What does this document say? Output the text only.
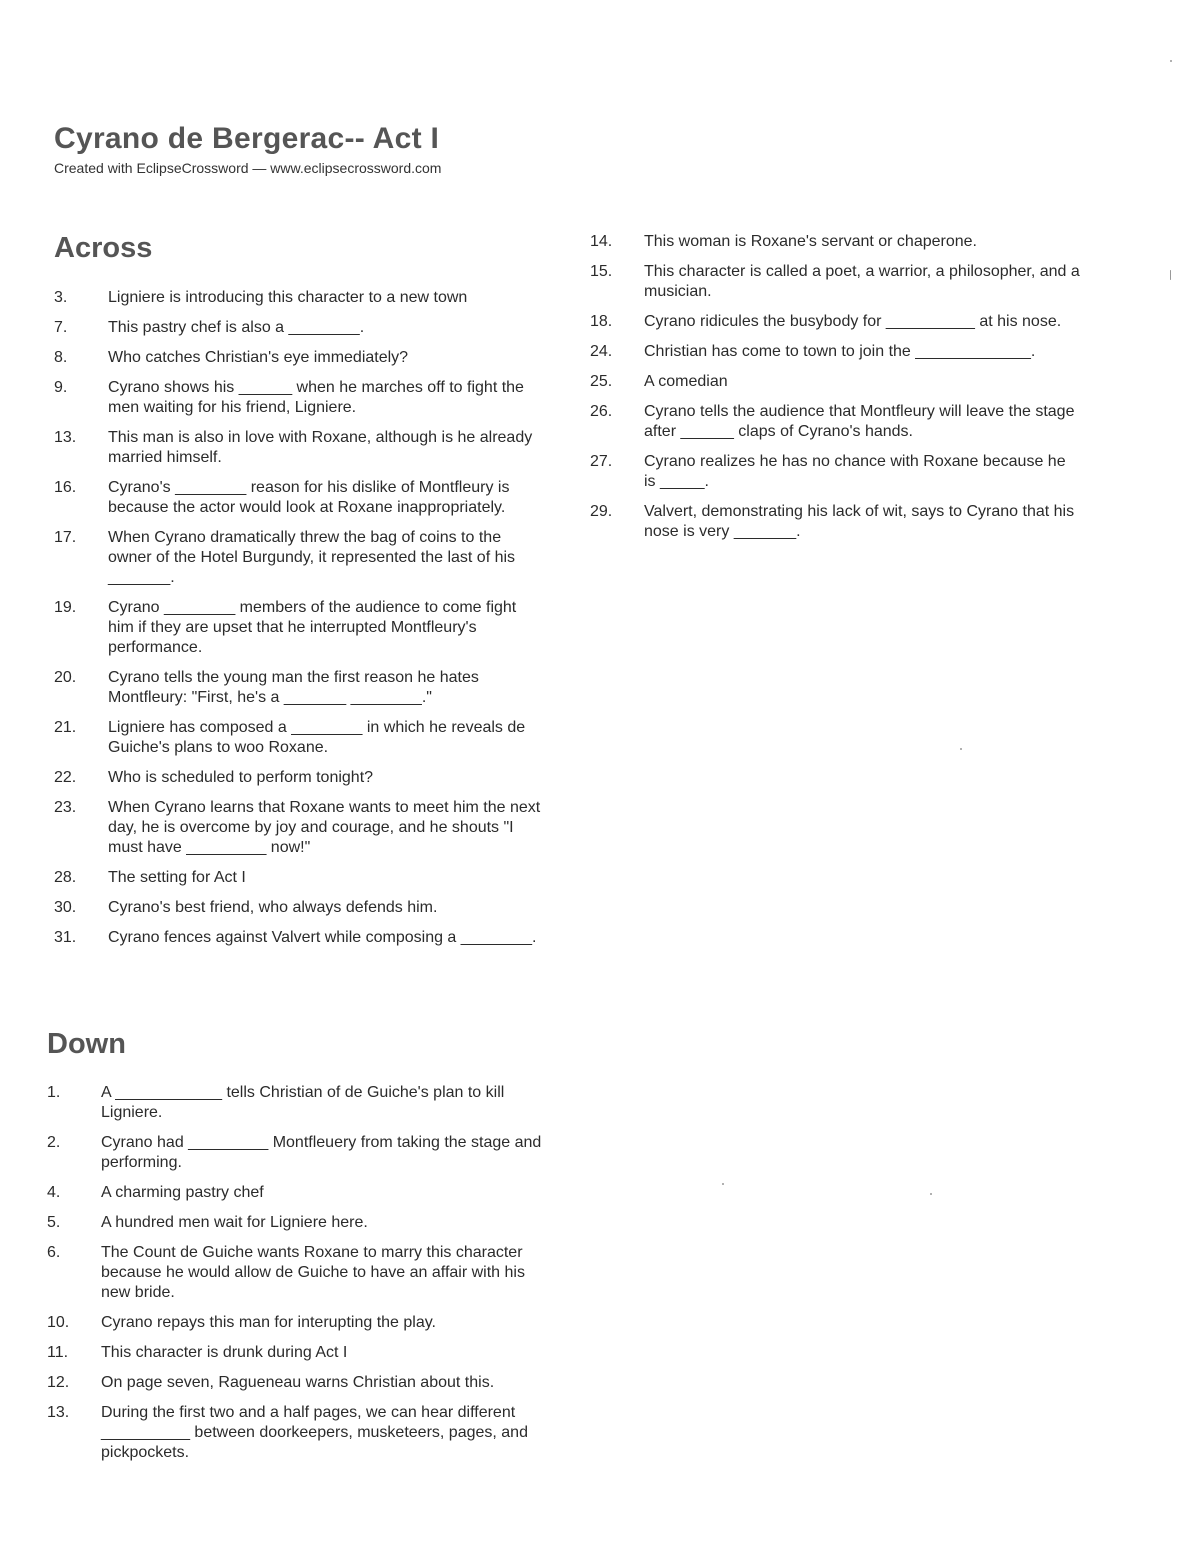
Cyrano de Bergerac-- Act I

Created with EclipseCrossword — www.eclipsecrossword.com

Across
3.	Ligniere is introducing this character to a new town
7.	This pastry chef is also a ________.
8.	Who catches Christian's eye immediately?
9.	Cyrano shows his ______ when he marches off to fight the men waiting for his friend, Ligniere.
13.	This man is also in love with Roxane, although is he already married himself.
16.	Cyrano's ________ reason for his dislike of Montfleury is because the actor would look at Roxane inappropriately.
17.	When Cyrano dramatically threw the bag of coins to the owner of the Hotel Burgundy, it represented the last of his _______.
19.	Cyrano ________ members of the audience to come fight him if they are upset that he interrupted Montfleury's performance.
20.	Cyrano tells the young man the first reason he hates Montfleury: "First, he's a _______ ________."
21.	Ligniere has composed a ________ in which he reveals de Guiche's plans to woo Roxane.
22.	Who is scheduled to perform tonight?
23.	When Cyrano learns that Roxane wants to meet him the next day, he is overcome by joy and courage, and he shouts "I must have _________ now!"
28.	The setting for Act I
30.	Cyrano's best friend, who always defends him.
31.	Cyrano fences against Valvert while composing a ________.
Down
1.	A ____________ tells Christian of de Guiche's plan to kill Ligniere.
2.	Cyrano had _________ Montfleuery from taking the stage and performing.
4.	A charming pastry chef
5.	A hundred men wait for Ligniere here.
6.	The Count de Guiche wants Roxane to marry this character because he would allow de Guiche to have an affair with his new bride.
10.	Cyrano repays this man for interupting the play.
11.	This character is drunk during Act I
12.	On page seven, Ragueneau warns Christian about this.
13.	During the first two and a half pages, we can hear different __________ between doorkeepers, musketeers, pages, and pickpockets.
14.	This woman is Roxane's servant or chaperone.
15.	This character is called a poet, a warrior, a philosopher, and a musician.
18.	Cyrano ridicules the busybody for __________ at his nose.
24.	Christian has come to town to join the _____________.
25.	A comedian
26.	Cyrano tells the audience that Montfleury will leave the stage after ______ claps of Cyrano's hands.
27.	Cyrano realizes he has no chance with Roxane because he is _____.
29.	Valvert, demonstrating his lack of wit, says to Cyrano that his nose is very _______.
